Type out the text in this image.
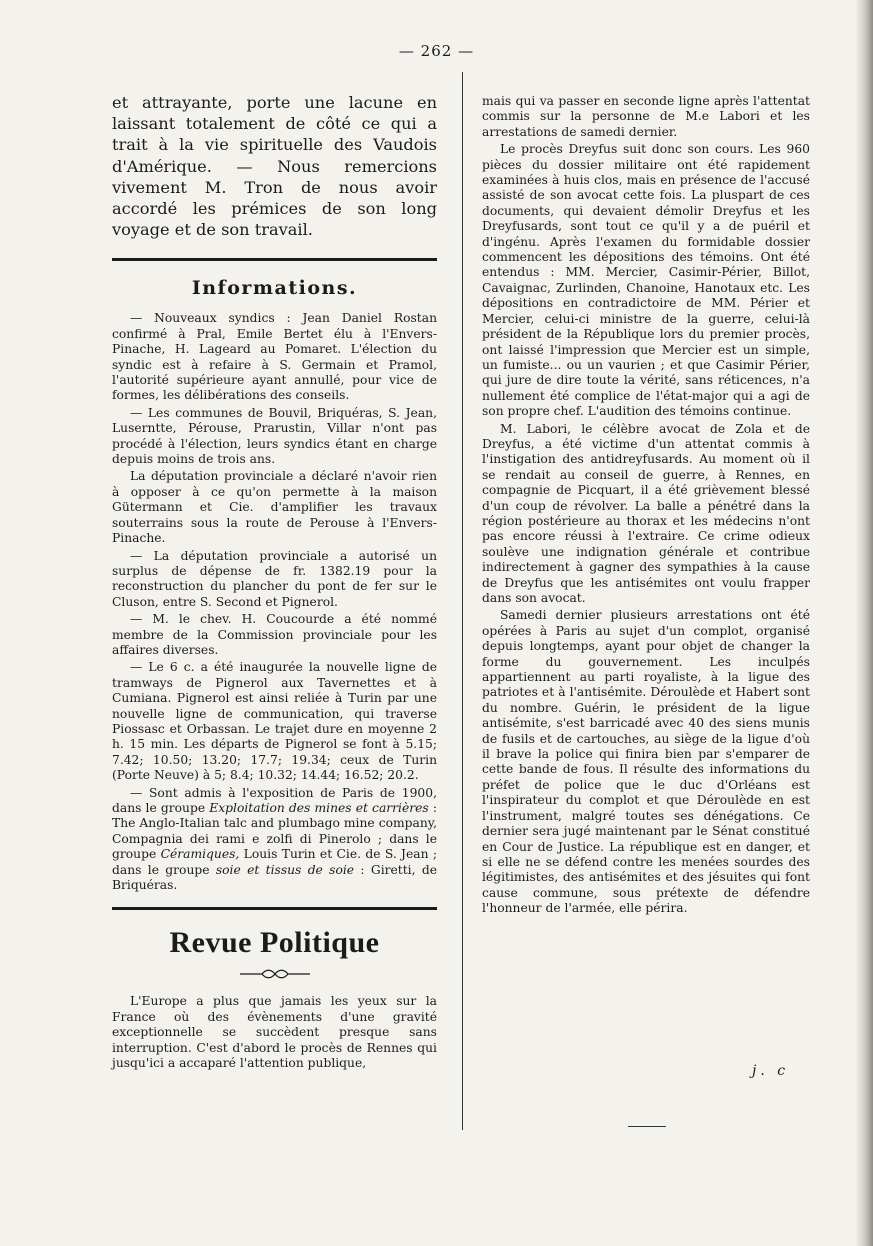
— 262 —

et attrayante, porte une lacune en laissant totalement de côté ce qui a trait à la vie spirituelle des Vaudois d'Amérique. — Nous remercions vivement M. Tron de nous avoir accordé les prémices de son long voyage et de son travail.

Informations.

— Nouveaux syndics : Jean Daniel Rostan confirmé à Pral, Emile Bertet élu à l'Envers-Pinache, H. Lageard au Pomaret. L'élection du syndic est à refaire à S. Germain et Pramol, l'autorité supérieure ayant annullé, pour vice de formes, les délibérations des conseils.

— Les communes de Bouvil, Briquéras, S. Jean, Luserntte, Pérouse, Prarustin, Villar n'ont pas procédé à l'élection, leurs syndics étant en charge depuis moins de trois ans.

La députation provinciale a déclaré n'avoir rien à opposer à ce qu'on permette à la maison Gütermann et Cie. d'amplifier les travaux souterrains sous la route de Perouse à l'Envers-Pinache.

— La députation provinciale a autorisé un surplus de dépense de fr. 1382.19 pour la reconstruction du plancher du pont de fer sur le Cluson, entre S. Second et Pignerol.

— M. le chev. H. Coucourde a été nommé membre de la Commission provinciale pour les affaires diverses.

— Le 6 c. a été inaugurée la nouvelle ligne de tramways de Pignerol aux Tavernettes et à Cumiana. Pignerol est ainsi reliée à Turin par une nouvelle ligne de communication, qui traverse Piossasc et Orbassan. Le trajet dure en moyenne 2 h. 15 min. Les départs de Pignerol se font à 5.15; 7.42; 10.50; 13.20; 17.7; 19.34; ceux de Turin (Porte Neuve) à 5; 8.4; 10.32; 14.44; 16.52; 20.2.

— Sont admis à l'exposition de Paris de 1900, dans le groupe Exploitation des mines et carrières : The Anglo-Italian talc and plumbago mine company, Compagnia dei rami e zolfi di Pinerolo ; dans le groupe Céramiques, Louis Turin et Cie. de S. Jean ; dans le groupe soie et tissus de soie : Giretti, de Briquéras.

Revue Politique

L'Europe a plus que jamais les yeux sur la France où des évènements d'une gravité exceptionnelle se succèdent presque sans interruption. C'est d'abord le procès de Rennes qui jusqu'ici a accaparé l'attention publique,

mais qui va passer en seconde ligne après l'attentat commis sur la personne de M.e Labori et les arrestations de samedi dernier.

Le procès Dreyfus suit donc son cours. Les 960 pièces du dossier militaire ont été rapidement examinées à huis clos, mais en présence de l'accusé assisté de son avocat cette fois. La pluspart de ces documents, qui devaient démolir Dreyfus et les Dreyfusards, sont tout ce qu'il y a de puéril et d'ingénu. Après l'examen du formidable dossier commencent les dépositions des témoins. Ont été entendus : MM. Mercier, Casimir-Périer, Billot, Cavaignac, Zurlinden, Chanoine, Hanotaux etc. Les dépositions en contradictoire de MM. Périer et Mercier, celui-ci ministre de la guerre, celui-là président de la République lors du premier procès, ont laissé l'impression que Mercier est un simple, un fumiste... ou un vaurien ; et que Casimir Périer, qui jure de dire toute la vérité, sans réticences, n'a nullement été complice de l'état-major qui a agi de son propre chef. L'audition des témoins continue.

M. Labori, le célèbre avocat de Zola et de Dreyfus, a été victime d'un attentat commis à l'instigation des antidreyfusards. Au moment où il se rendait au conseil de guerre, à Rennes, en compagnie de Picquart, il a été grièvement blessé d'un coup de révolver. La balle a pénétré dans la région postérieure au thorax et les médecins n'ont pas encore réussi à l'extraire. Ce crime odieux soulève une indignation générale et contribue indirectement à gagner des sympathies à la cause de Dreyfus que les antisémites ont voulu frapper dans son avocat.

Samedi dernier plusieurs arrestations ont été opérées à Paris au sujet d'un complot, organisé depuis longtemps, ayant pour objet de changer la forme du gouvernement. Les inculpés appartiennent au parti royaliste, à la ligue des patriotes et à l'antisémite. Déroulède et Habert sont du nombre. Guérin, le président de la ligue antisémite, s'est barricadé avec 40 des siens munis de fusils et de cartouches, au siège de la ligue d'où il brave la police qui finira bien par s'emparer de cette bande de fous. Il résulte des informations du préfet de police que le duc d'Orléans est l'inspirateur du complot et que Déroulède en est l'instrument, malgré toutes ses dénégations. Ce dernier sera jugé maintenant par le Sénat constitué en Cour de Justice. La république est en danger, et si elle ne se défend contre les menées sourdes des légitimistes, des antisémites et des jésuites qui font cause commune, sous prétexte de défendre l'honneur de l'armée, elle périra.

j. c
